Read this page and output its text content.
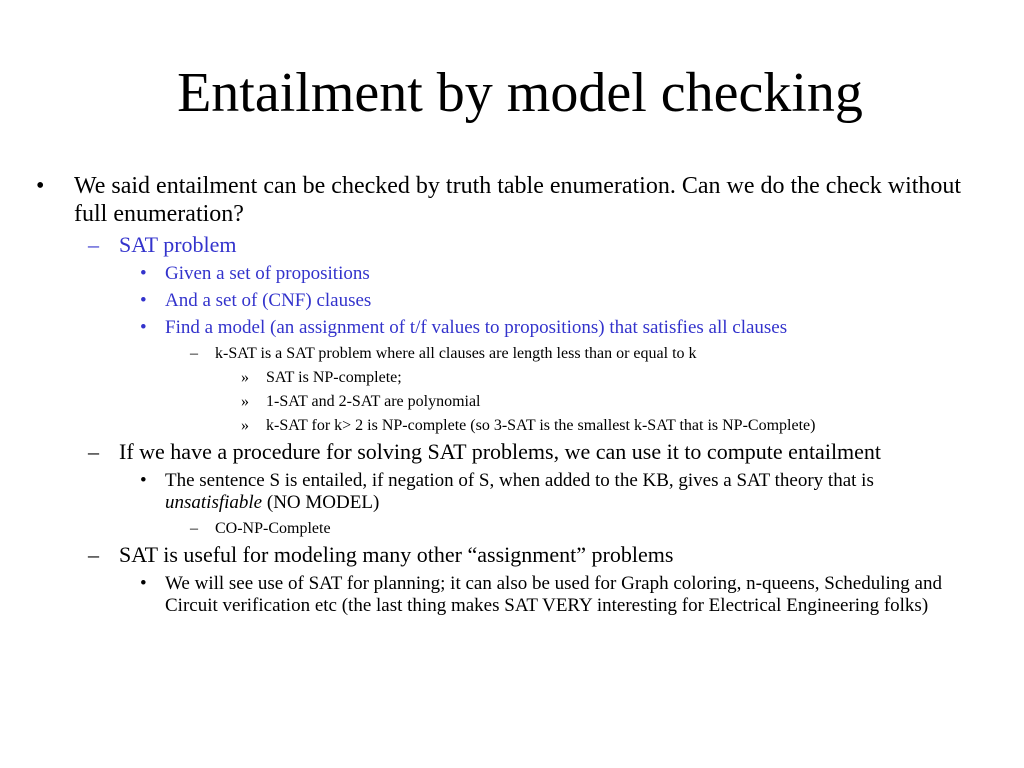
Entailment by model checking
• We said entailment can be checked by truth table enumeration. Can we do the check without full enumeration?
– SAT problem
• Given a set of propositions
• And a set of (CNF) clauses
• Find a model (an assignment of t/f values to propositions) that satisfies all clauses
– k-SAT is a SAT problem where all clauses are length less than or equal to k
» SAT is NP-complete;
» 1-SAT and 2-SAT are polynomial
» k-SAT for k> 2 is NP-complete (so 3-SAT is the smallest k-SAT that is NP-Complete)
– If we have a procedure for solving SAT problems, we can use it to compute entailment
• The sentence S is entailed, if negation of S, when added to the KB, gives a SAT theory that is unsatisfiable (NO MODEL)
– CO-NP-Complete
– SAT is useful for modeling many other “assignment” problems
• We will see use of SAT for planning; it can also be used for Graph coloring, n-queens, Scheduling and Circuit verification etc (the last thing makes SAT VERY interesting for Electrical Engineering folks)
